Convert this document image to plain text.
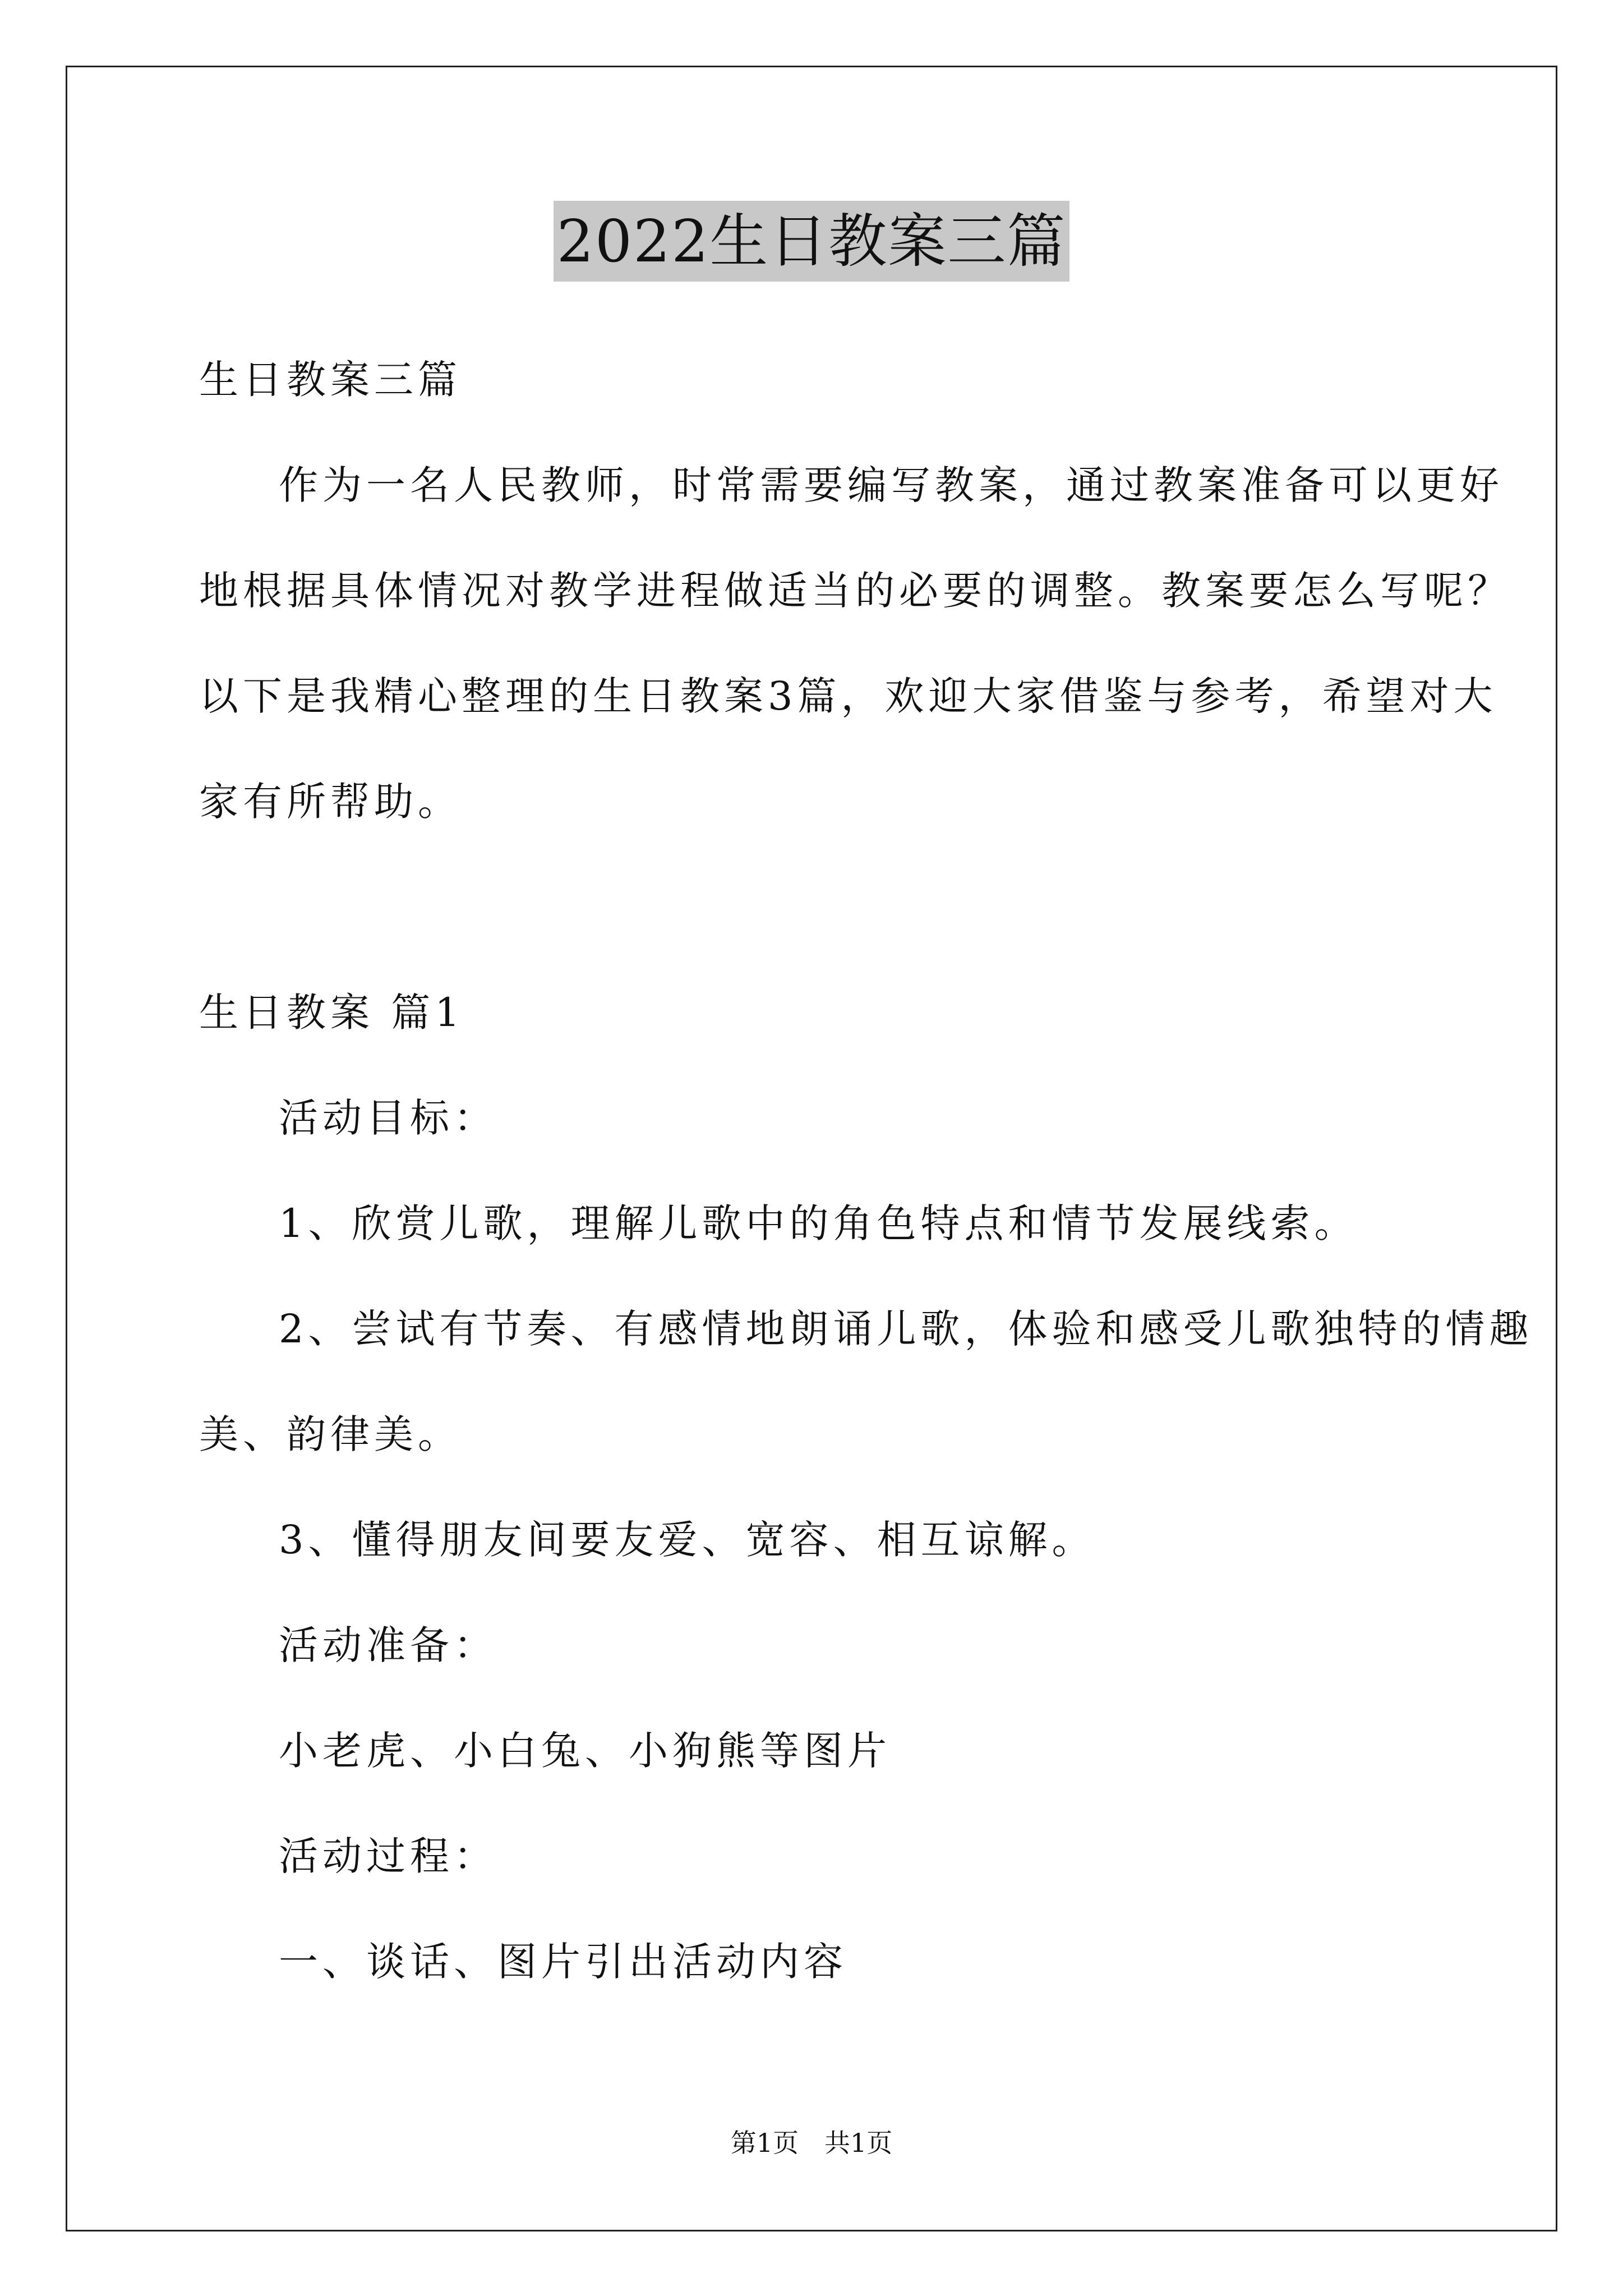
2022生日教案三篇
生日教案三篇
作为一名人民教师，时常需要编写教案，通过教案准备可以更好
地根据具体情况对教学进程做适当的必要的调整。教案要怎么写呢？
以下是我精心整理的生日教案3篇，欢迎大家借鉴与参考，希望对大
家有所帮助。
生日教案 篇1
活动目标：
1、欣赏儿歌，理解儿歌中的角色特点和情节发展线索。
2、尝试有节奏、有感情地朗诵儿歌，体验和感受儿歌独特的情趣
美、韵律美。
3、懂得朋友间要友爱、宽容、相互谅解。
活动准备：
小老虎、小白兔、小狗熊等图片
活动过程：
一、谈话、图片引出活动内容
第1页　共1页
